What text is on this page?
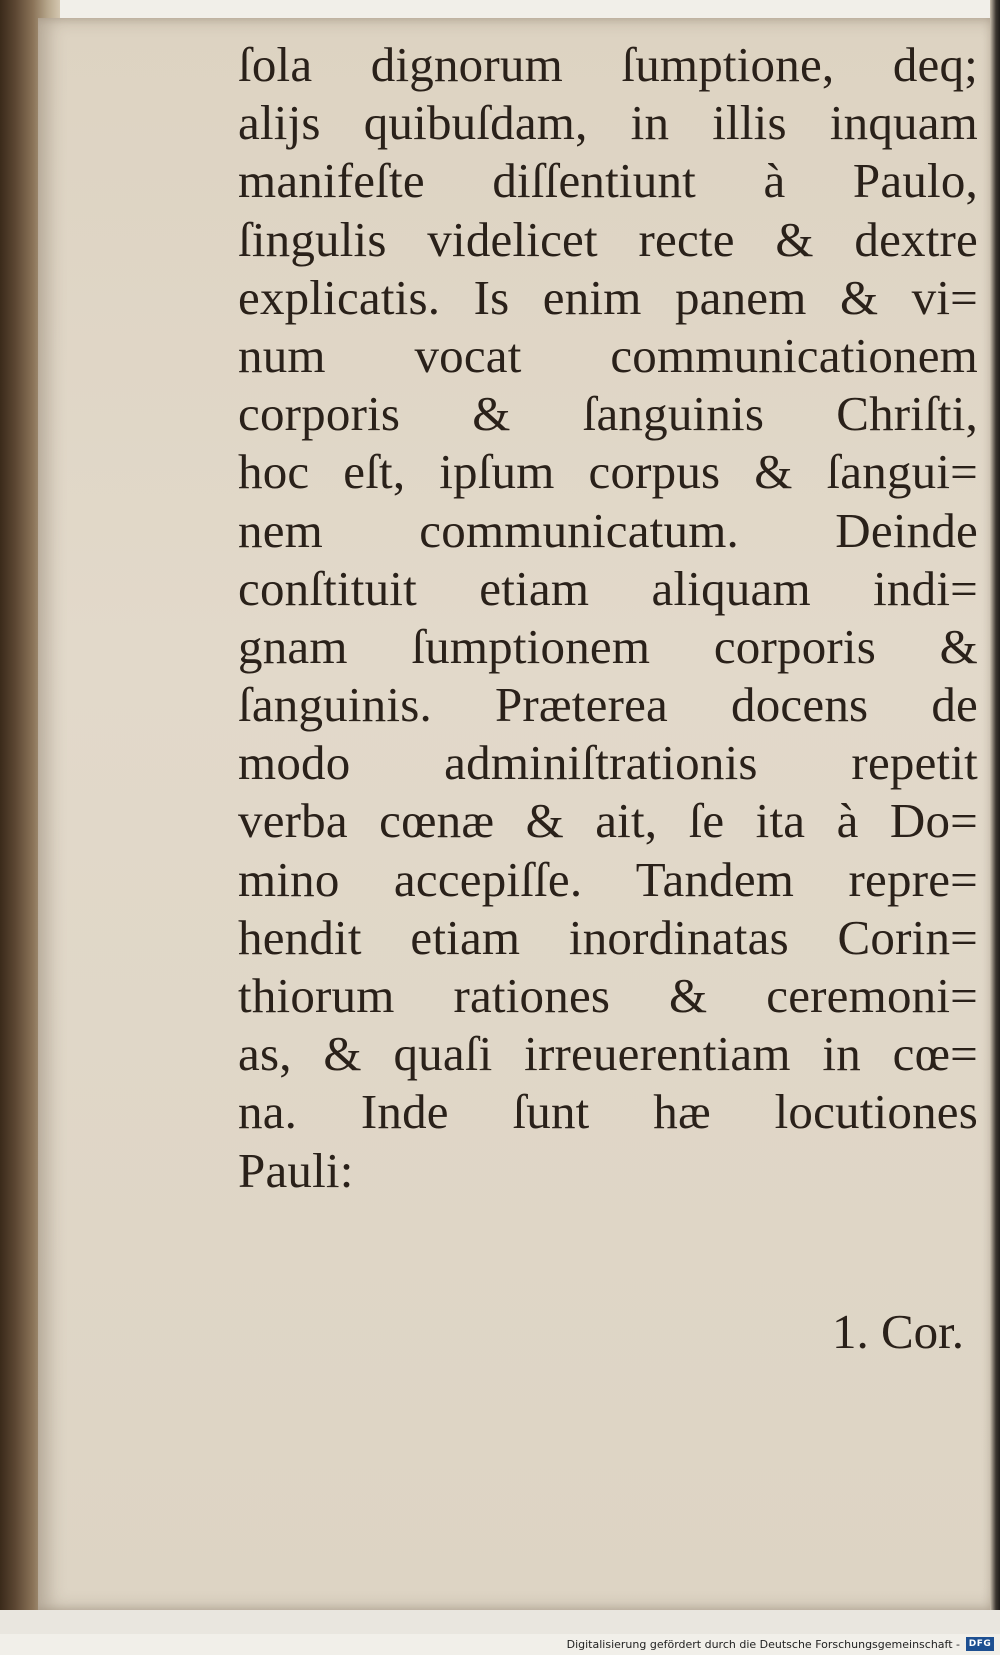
ſola dignorum ſumptione, deq;
alijs quibuſdam, in illis inquam
manifeſte diſſentiunt à Paulo,
ſingulis videlicet recte & dextre
explicatis. Is enim panem & vi=
num vocat communicationem
corporis & ſanguinis Chriſti,
hoc eſt, ipſum corpus & ſangui=
nem communicatum. Deinde
conſtituit etiam aliquam indi=
gnam ſumptionem corporis &
ſanguinis. Præterea docens de
modo adminiſtrationis repetit
verba cœnæ & ait, ſe ita à Do=
mino accepiſſe. Tandem repre=
hendit etiam inordinatas Corin=
thiorum rationes & ceremoni=
as, & quaſi irreuerentiam in cœ=
na. Inde ſunt hæ locutiones
Pauli:
1. Cor.
Digitalisierung gefördert durch die Deutsche Forschungsgemeinschaft - DFG
